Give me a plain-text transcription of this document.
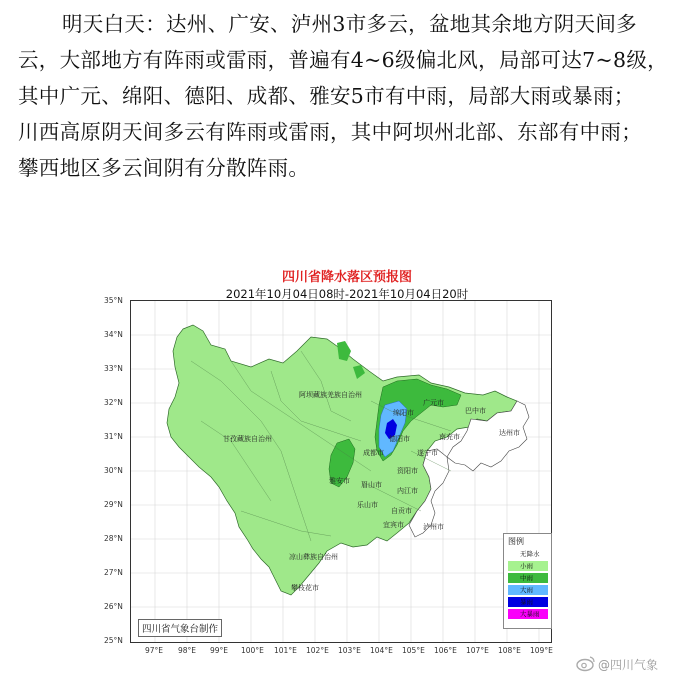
明天白天：达州、广安、泸州3市多云，盆地其余地方阴天间多
云，大部地方有阵雨或雷雨，普遍有4~6级偏北风，局部可达7~8级，
其中广元、绵阳、德阳、成都、雅安5市有中雨，局部大雨或暴雨；
川西高原阴天间多云有阵雨或雷雨，其中阿坝州北部、东部有中雨；
攀西地区多云间阴有分散阵雨。
四川省降水落区预报图
2021年10月04日08时-2021年10月04日20时
35°N
34°N
33°N
32°N
31°N
30°N
29°N
28°N
27°N
26°N
25°N
97°E 98°E 99°E 100°E 101°E 102°E 103°E 104°E 105°E 106°E 107°E 108°E 109°E
阿坝藏族羌族自治州
甘孜藏族自治州
凉山彝族自治州
攀枝花市
广元市
巴中市
达州市
绵阳市
德阳市	南充市
遂宁市
成都市
资阳市
雅安市 眉山市
内江市
乐山市
自贡市
宜宾市	泸州市
四川省气象台制作
图例
无降水
小雨
中雨
大雨
暴雨
大暴雨
@四川气象
